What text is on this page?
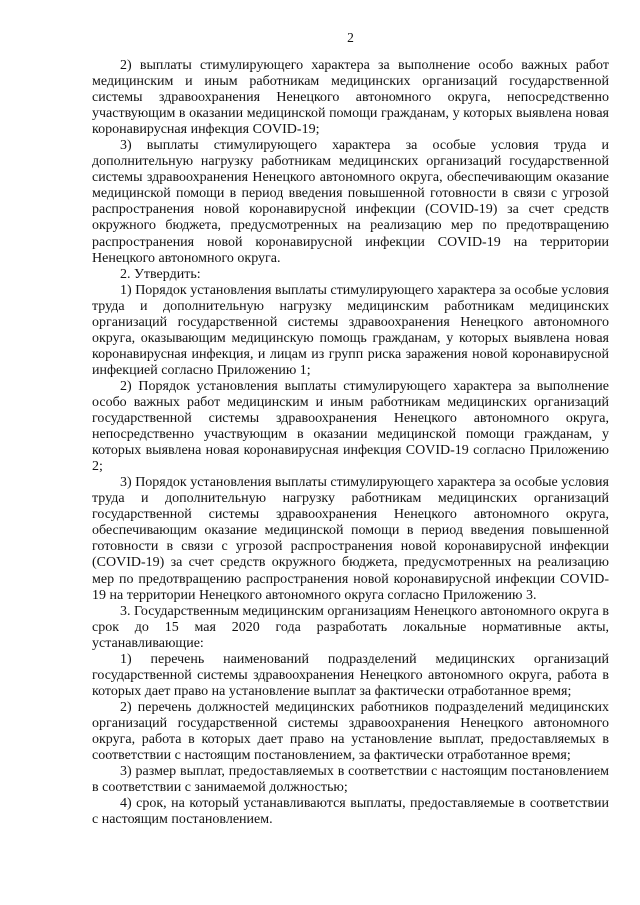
2

2) выплаты стимулирующего характера за выполнение особо важных работ медицинским и иным работникам медицинских организаций государственной системы здравоохранения Ненецкого автономного округа, непосредственно участвующим в оказании медицинской помощи гражданам, у которых выявлена новая коронавирусная инфекция COVID-19;

3) выплаты стимулирующего характера за особые условия труда и дополнительную нагрузку работникам медицинских организаций государственной системы здравоохранения Ненецкого автономного округа, обеспечивающим оказание медицинской помощи в период введения повышенной готовности в связи с угрозой распространения новой коронавирусной инфекции (COVID-19) за счет средств окружного бюджета, предусмотренных на реализацию мер по предотвращению распространения новой коронавирусной инфекции COVID-19 на территории Ненецкого автономного округа.

2. Утвердить:

1) Порядок установления выплаты стимулирующего характера за особые условия труда и дополнительную нагрузку медицинским работникам медицинских организаций государственной системы здравоохранения Ненецкого автономного округа, оказывающим медицинскую помощь гражданам, у которых выявлена новая коронавирусная инфекция, и лицам из групп риска заражения новой коронавирусной инфекцией согласно Приложению 1;

2) Порядок установления выплаты стимулирующего характера за выполнение особо важных работ медицинским и иным работникам медицинских организаций государственной системы здравоохранения Ненецкого автономного округа, непосредственно участвующим в оказании медицинской помощи гражданам, у которых выявлена новая коронавирусная инфекция COVID-19 согласно Приложению 2;

3) Порядок установления выплаты стимулирующего характера за особые условия труда и дополнительную нагрузку работникам медицинских организаций государственной системы здравоохранения Ненецкого автономного округа, обеспечивающим оказание медицинской помощи в период введения повышенной готовности в связи с угрозой распространения новой коронавирусной инфекции (COVID-19) за счет средств окружного бюджета, предусмотренных на реализацию мер по предотвращению распространения новой коронавирусной инфекции COVID-19 на территории Ненецкого автономного округа согласно Приложению 3.

3. Государственным медицинским организациям Ненецкого автономного округа в срок до 15 мая 2020 года разработать локальные нормативные акты, устанавливающие:

1) перечень наименований подразделений медицинских организаций государственной системы здравоохранения Ненецкого автономного округа, работа в которых дает право на установление выплат за фактически отработанное время;

2) перечень должностей медицинских работников подразделений медицинских организаций государственной системы здравоохранения Ненецкого автономного округа, работа в которых дает право на установление выплат, предоставляемых в соответствии с настоящим постановлением, за фактически отработанное время;

3) размер выплат, предоставляемых в соответствии с настоящим постановлением в соответствии с занимаемой должностью;

4) срок, на который устанавливаются выплаты, предоставляемые в соответствии с настоящим постановлением.
